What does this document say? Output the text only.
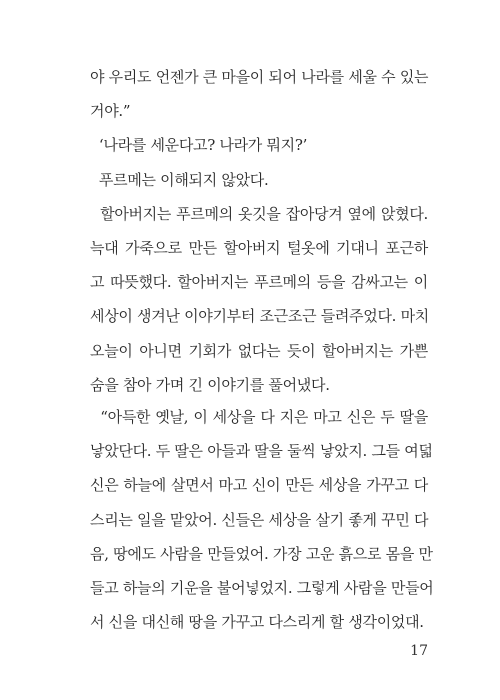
야 우리도 언젠가 큰 마을이 되어 나라를 세울 수 있는
거야.”
‘나라를 세운다고? 나라가 뭐지?’
푸르메는 이해되지 않았다.
할아버지는 푸르메의 옷깃을 잡아당겨 옆에 앉혔다.
늑대 가죽으로 만든 할아버지 털옷에 기대니 포근하
고 따뜻했다. 할아버지는 푸르메의 등을 감싸고는 이
세상이 생겨난 이야기부터 조근조근 들려주었다. 마치
오늘이 아니면 기회가 없다는 듯이 할아버지는 가쁜
숨을 참아 가며 긴 이야기를 풀어냈다.
“아득한 옛날, 이 세상을 다 지은 마고 신은 두 딸을
낳았단다. 두 딸은 아들과 딸을 둘씩 낳았지. 그들 여덟
신은 하늘에 살면서 마고 신이 만든 세상을 가꾸고 다
스리는 일을 맡았어. 신들은 세상을 살기 좋게 꾸민 다
음, 땅에도 사람을 만들었어. 가장 고운 흙으로 몸을 만
들고 하늘의 기운을 불어넣었지. 그렇게 사람을 만들어
서 신을 대신해 땅을 가꾸고 다스리게 할 생각이었대.
17
